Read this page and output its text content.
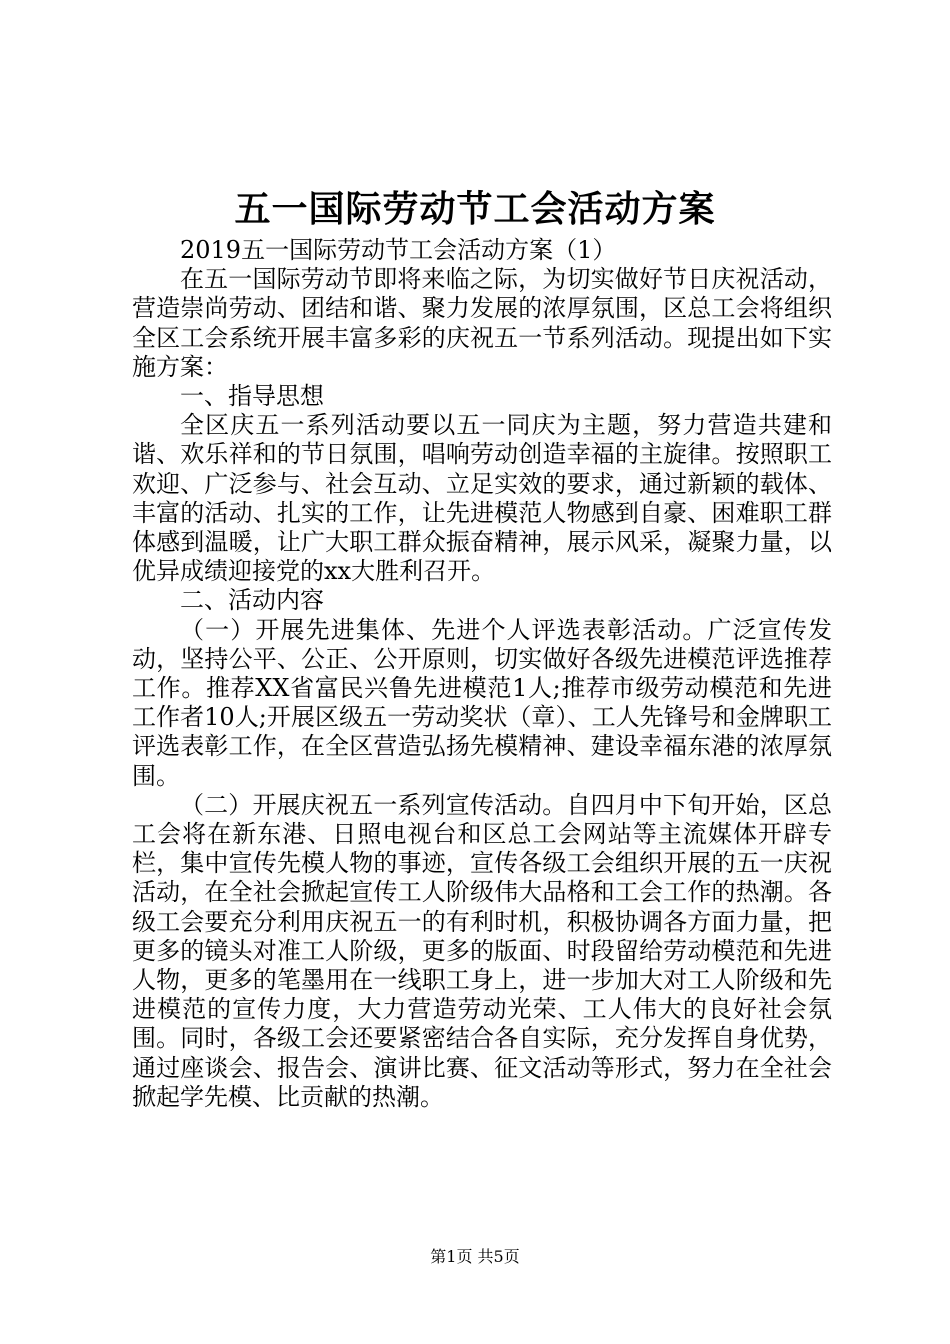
五一国际劳动节工会活动方案

2019五一国际劳动节工会活动方案（1）

在五一国际劳动节即将来临之际，为切实做好节日庆祝活动，营造崇尚劳动、团结和谐、聚力发展的浓厚氛围，区总工会将组织全区工会系统开展丰富多彩的庆祝五一节系列活动。现提出如下实施方案：

一、指导思想

全区庆五一系列活动要以五一同庆为主题，努力营造共建和谐、欢乐祥和的节日氛围，唱响劳动创造幸福的主旋律。按照职工欢迎、广泛参与、社会互动、立足实效的要求，通过新颖的载体、丰富的活动、扎实的工作，让先进模范人物感到自豪、困难职工群体感到温暖，让广大职工群众振奋精神，展示风采，凝聚力量，以优异成绩迎接党的xx大胜利召开。

二、活动内容

（一）开展先进集体、先进个人评选表彰活动。广泛宣传发动，坚持公平、公正、公开原则，切实做好各级先进模范评选推荐工作。推荐XX省富民兴鲁先进模范1人;推荐市级劳动模范和先进工作者10人;开展区级五一劳动奖状（章）、工人先锋号和金牌职工评选表彰工作，在全区营造弘扬先模精神、建设幸福东港的浓厚氛围。

（二）开展庆祝五一系列宣传活动。自四月中下旬开始，区总工会将在新东港、日照电视台和区总工会网站等主流媒体开辟专栏，集中宣传先模人物的事迹，宣传各级工会组织开展的五一庆祝活动，在全社会掀起宣传工人阶级伟大品格和工会工作的热潮。各级工会要充分利用庆祝五一的有利时机，积极协调各方面力量，把更多的镜头对准工人阶级，更多的版面、时段留给劳动模范和先进人物，更多的笔墨用在一线职工身上，进一步加大对工人阶级和先进模范的宣传力度，大力营造劳动光荣、工人伟大的良好社会氛围。同时，各级工会还要紧密结合各自实际，充分发挥自身优势，通过座谈会、报告会、演讲比赛、征文活动等形式，努力在全社会掀起学先模、比贡献的热潮。

第1页 共5页
